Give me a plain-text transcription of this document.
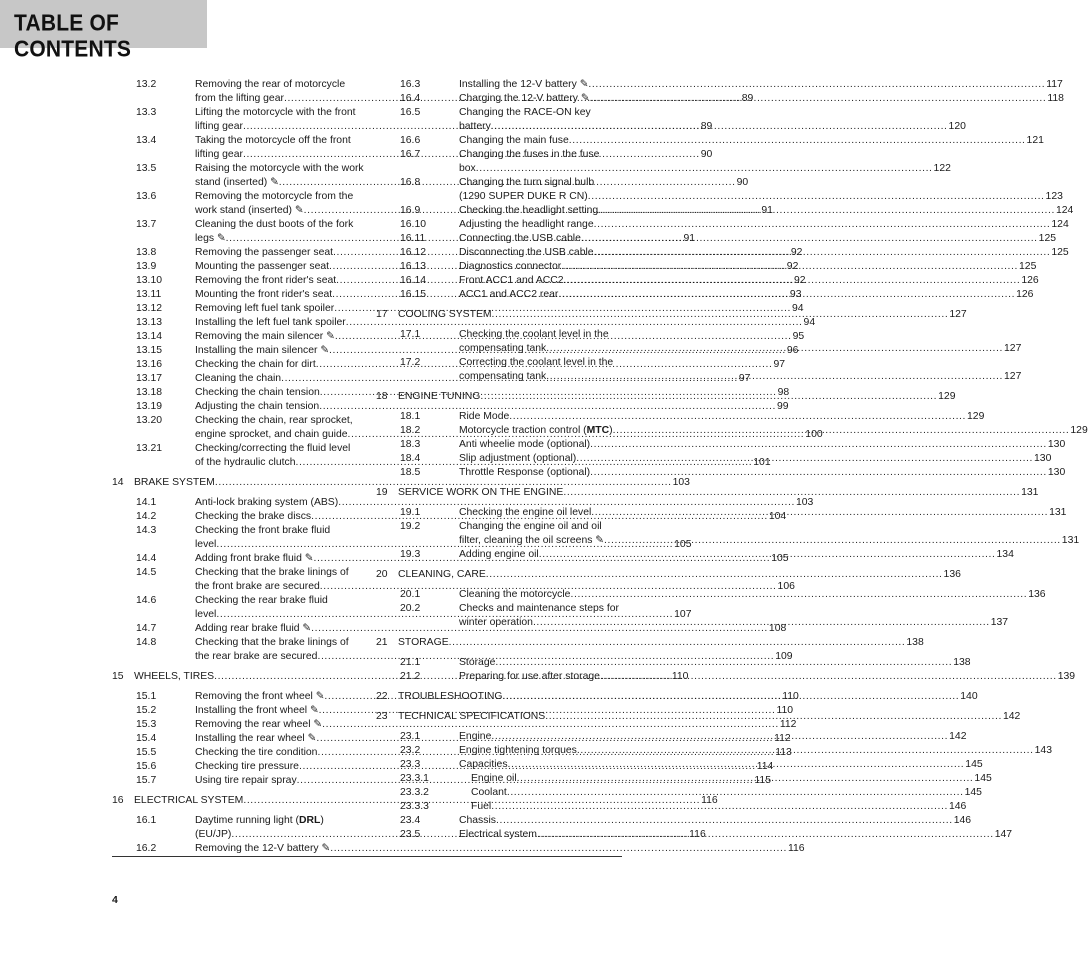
TABLE OF CONTENTS
13.2	Removing the rear of motorcycle
from the lifting gear .....	89
13.3	Lifting the motorcycle with the front
lifting gear .....	89
13.4	Taking the motorcycle off the front
lifting gear .....	90
13.5	Raising the motorcycle with the work
stand (inserted) ✎ .....	90
13.6	Removing the motorcycle from the
work stand (inserted) ✎ .....	91
13.7	Cleaning the dust boots of the fork
legs ✎ .....	91
13.8	Removing the passenger seat .....	92
13.9	Mounting the passenger seat .....	92
13.10	Removing the front rider's seat .....	92
13.11	Mounting the front rider's seat .....	93
13.12	Removing left fuel tank spoiler .....	94
13.13	Installing the left fuel tank spoiler .....	94
13.14	Removing the main silencer ✎ .....	95
13.15	Installing the main silencer ✎ .....	96
13.16	Checking the chain for dirt .....	97
13.17	Cleaning the chain .....	97
13.18	Checking the chain tension .....	98
13.19	Adjusting the chain tension .....	99
13.20	Checking the chain, rear sprocket,
engine sprocket, and chain guide .....	100
13.21	Checking/correcting the fluid level
of the hydraulic clutch .....	101
14	BRAKE SYSTEM .....	103
14.1	Anti-lock braking system (ABS) .....	103
14.2	Checking the brake discs .....	104
14.3	Checking the front brake fluid
level .....	105
14.4	Adding front brake fluid ✎ .....	105
14.5	Checking that the brake linings of
the front brake are secured .....	106
14.6	Checking the rear brake fluid
level .....	107
14.7	Adding rear brake fluid ✎ .....	108
14.8	Checking that the brake linings of
the rear brake are secured .....	109
15	WHEELS, TIRES .....	110
15.1	Removing the front wheel ✎ .....	110
15.2	Installing the front wheel ✎ .....	110
15.3	Removing the rear wheel ✎ .....	112
15.4	Installing the rear wheel ✎ .....	112
15.5	Checking the tire condition .....	113
15.6	Checking tire pressure .....	114
15.7	Using tire repair spray .....	115
16	ELECTRICAL SYSTEM .....	116
16.1	Daytime running light (DRL)
(EU/JP) .....	116
16.2	Removing the 12-V battery ✎ .....	116
16.3	Installing the 12-V battery ✎ .....	117
16.4	Charging the 12-V battery ✎ .....	118
16.5	Changing the RACE-ON key
battery .....	120
16.6	Changing the main fuse .....	121
16.7	Changing the fuses in the fuse
box .....	122
16.8	Changing the turn signal bulb
(1290 SUPER DUKE R CN) .....	123
16.9	Checking the headlight setting .....	124
16.10	Adjusting the headlight range .....	124
16.11	Connecting the USB cable .....	125
16.12	Disconnecting the USB cable .....	125
16.13	Diagnostics connector .....	125
16.14	Front ACC1 and ACC2 .....	126
16.15	ACC1 and ACC2 rear .....	126
17	COOLING SYSTEM .....	127
17.1	Checking the coolant level in the
compensating tank .....	127
17.2	Correcting the coolant level in the
compensating tank .....	127
18	ENGINE TUNING .....	129
18.1	Ride Mode .....	129
18.2	Motorcycle traction control (MTC) .....	129
18.3	Anti wheelie mode (optional) .....	130
18.4	Slip adjustment (optional) .....	130
18.5	Throttle Response (optional) .....	130
19	SERVICE WORK ON THE ENGINE .....	131
19.1	Checking the engine oil level .....	131
19.2	Changing the engine oil and oil
filter, cleaning the oil screens ✎ .....	131
19.3	Adding engine oil .....	134
20	CLEANING, CARE .....	136
20.1	Cleaning the motorcycle .....	136
20.2	Checks and maintenance steps for
winter operation .....	137
21	STORAGE .....	138
21.1	Storage .....	138
21.2	Preparing for use after storage .....	139
22	TROUBLESHOOTING .....	140
23	TECHNICAL SPECIFICATIONS .....	142
23.1	Engine .....	142
23.2	Engine tightening torques .....	143
23.3	Capacities .....	145
23.3.1	Engine oil .....	145
23.3.2	Coolant .....	145
23.3.3	Fuel .....	146
23.4	Chassis .....	146
23.5	Electrical system .....	147
4
